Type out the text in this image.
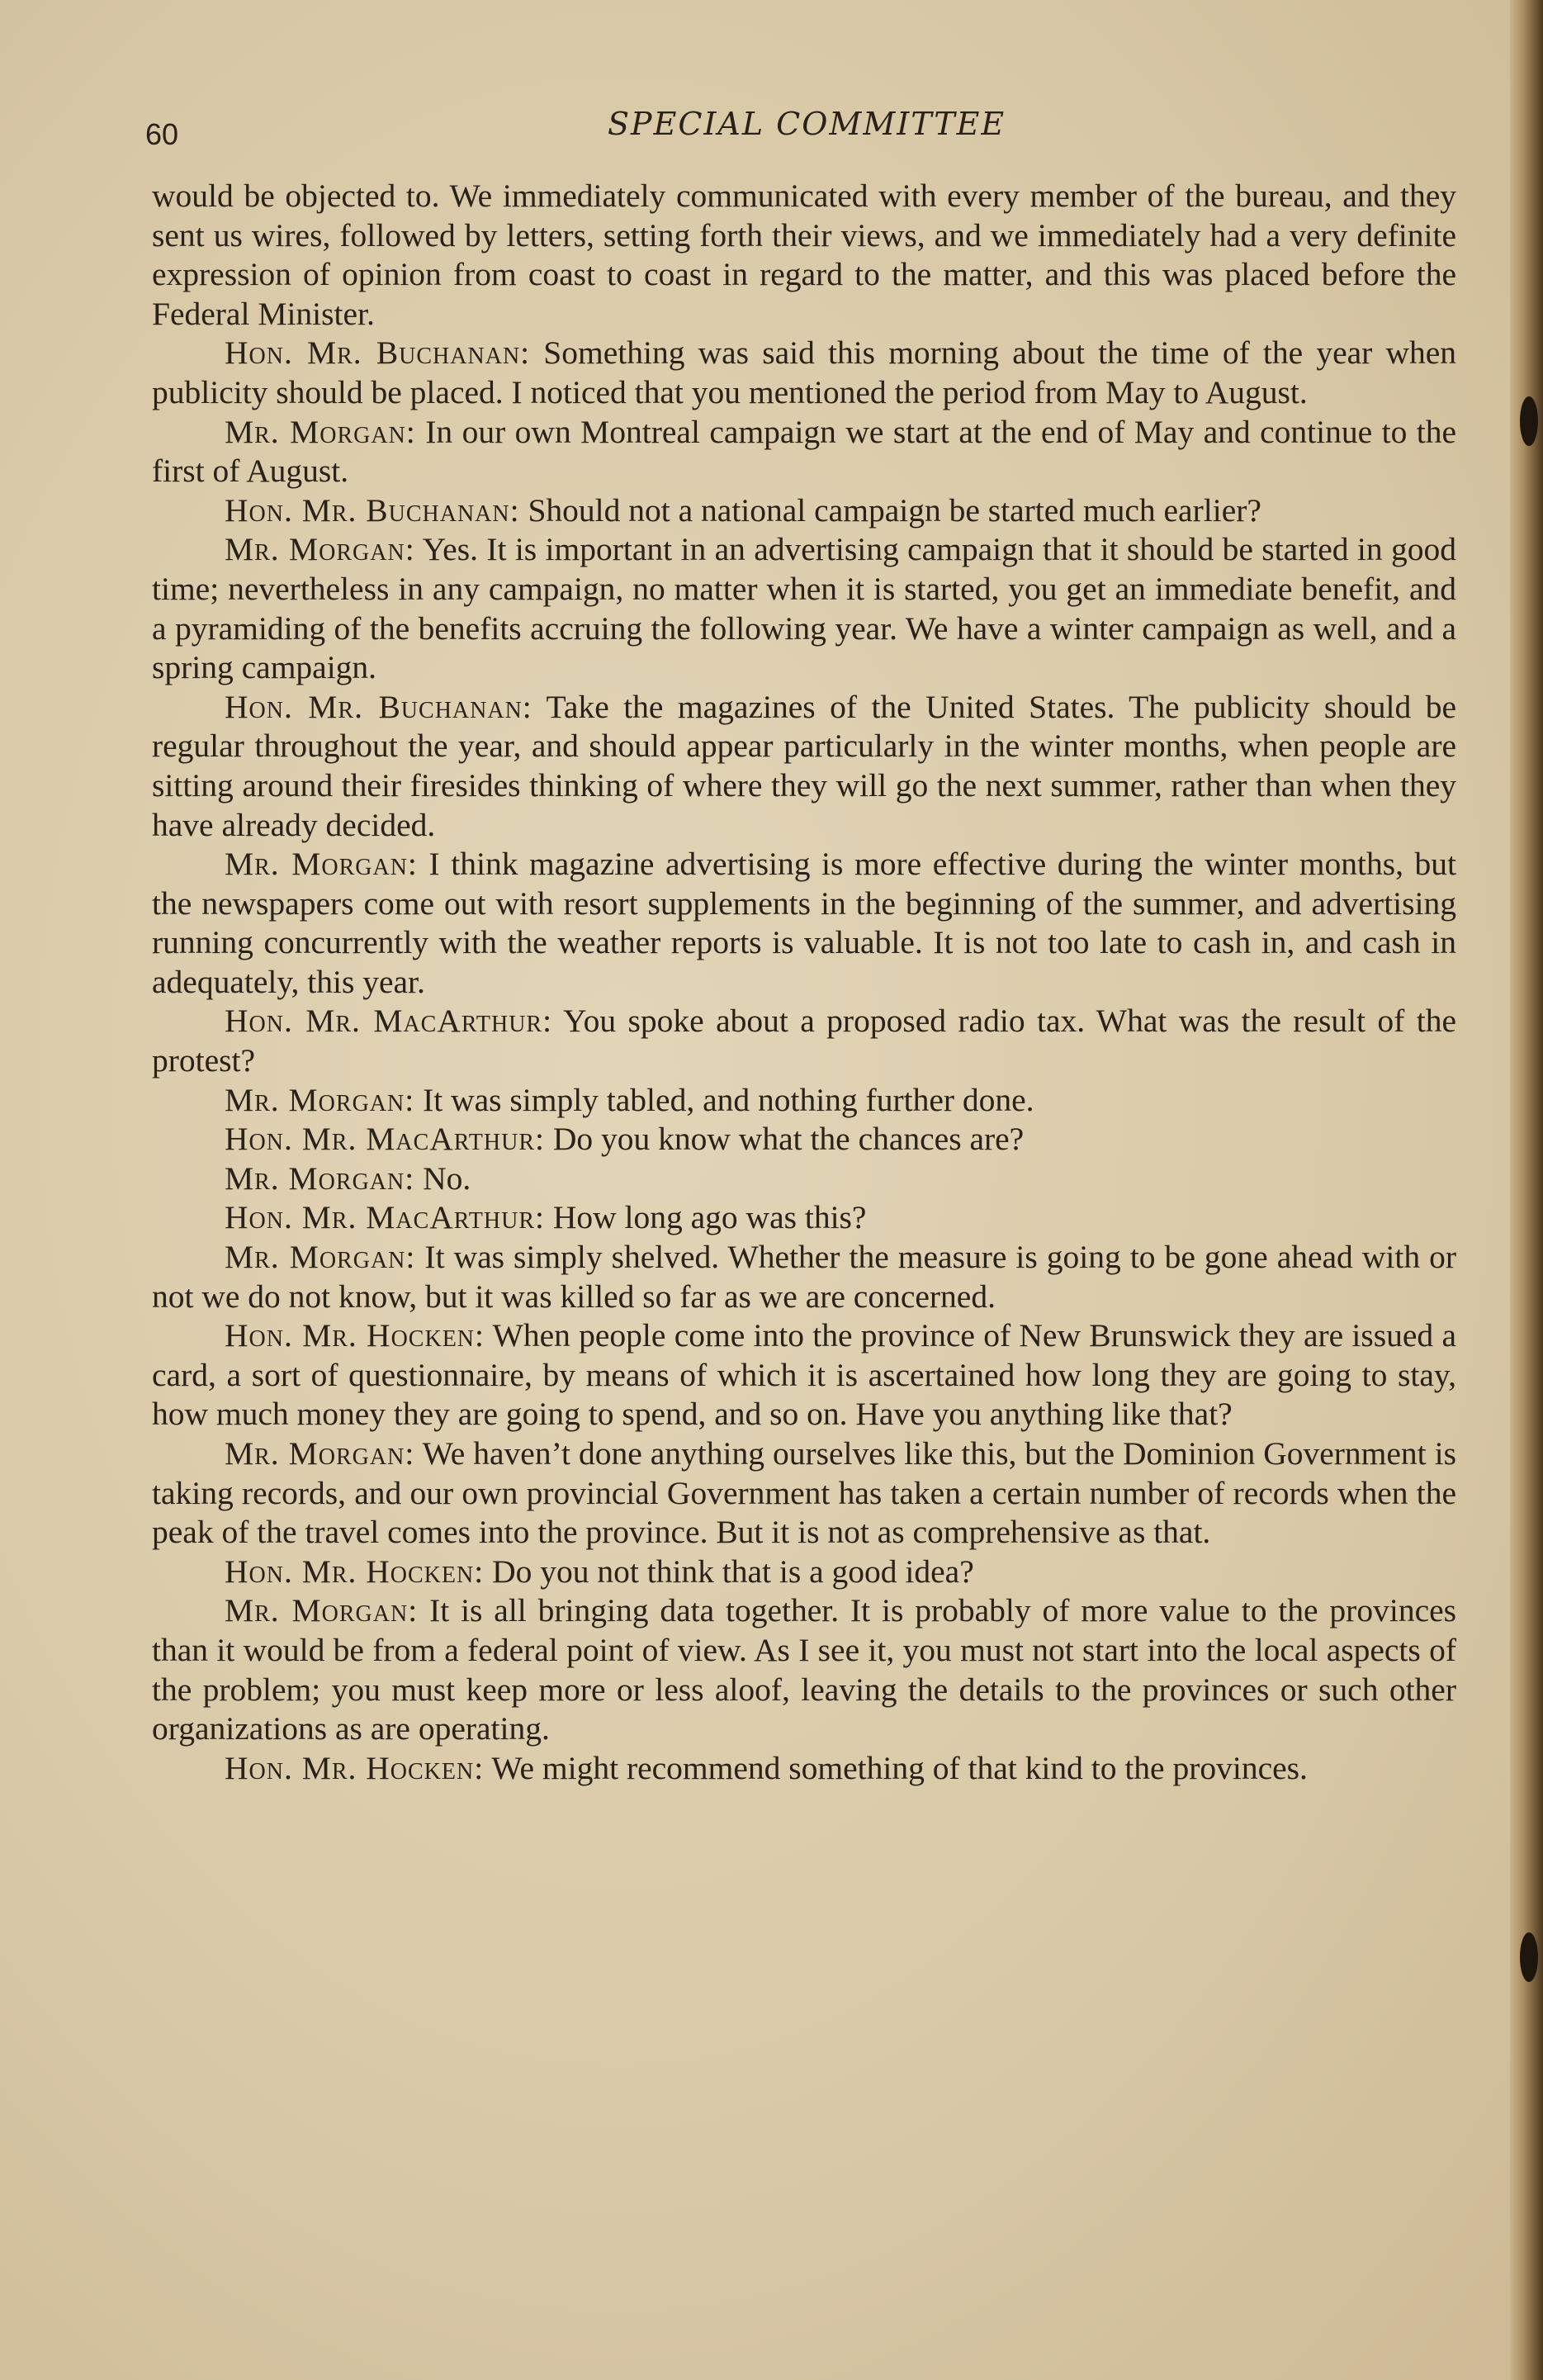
60	SPECIAL COMMITTEE

would be objected to. We immediately communicated with every member of the bureau, and they sent us wires, followed by letters, setting forth their views, and we immediately had a very definite expression of opinion from coast to coast in regard to the matter, and this was placed before the Federal Minister.

Hon. Mr. Buchanan: Something was said this morning about the time of the year when publicity should be placed. I noticed that you mentioned the period from May to August.

Mr. Morgan: In our own Montreal campaign we start at the end of May and continue to the first of August.

Hon. Mr. Buchanan: Should not a national campaign be started much earlier?

Mr. Morgan: Yes. It is important in an advertising campaign that it should be started in good time; nevertheless in any campaign, no matter when it is started, you get an immediate benefit, and a pyramiding of the benefits accruing the following year. We have a winter campaign as well, and a spring campaign.

Hon. Mr. Buchanan: Take the magazines of the United States. The publicity should be regular throughout the year, and should appear particularly in the winter months, when people are sitting around their firesides thinking of where they will go the next summer, rather than when they have already decided.

Mr. Morgan: I think magazine advertising is more effective during the winter months, but the newspapers come out with resort supplements in the beginning of the summer, and advertising running concurrently with the weather reports is valuable. It is not too late to cash in, and cash in adequately, this year.

Hon. Mr. MacArthur: You spoke about a proposed radio tax. What was the result of the protest?

Mr. Morgan: It was simply tabled, and nothing further done.

Hon. Mr. MacArthur: Do you know what the chances are?

Mr. Morgan: No.

Hon. Mr. MacArthur: How long ago was this?

Mr. Morgan: It was simply shelved. Whether the measure is going to be gone ahead with or not we do not know, but it was killed so far as we are concerned.

Hon. Mr. Hocken: When people come into the province of New Brunswick they are issued a card, a sort of questionnaire, by means of which it is ascertained how long they are going to stay, how much money they are going to spend, and so on. Have you anything like that?

Mr. Morgan: We haven’t done anything ourselves like this, but the Dominion Government is taking records, and our own provincial Government has taken a certain number of records when the peak of the travel comes into the province. But it is not as comprehensive as that.

Hon. Mr. Hocken: Do you not think that is a good idea?

Mr. Morgan: It is all bringing data together. It is probably of more value to the provinces than it would be from a federal point of view. As I see it, you must not start into the local aspects of the problem; you must keep more or less aloof, leaving the details to the provinces or such other organizations as are operating.

Hon. Mr. Hocken: We might recommend something of that kind to the provinces.
